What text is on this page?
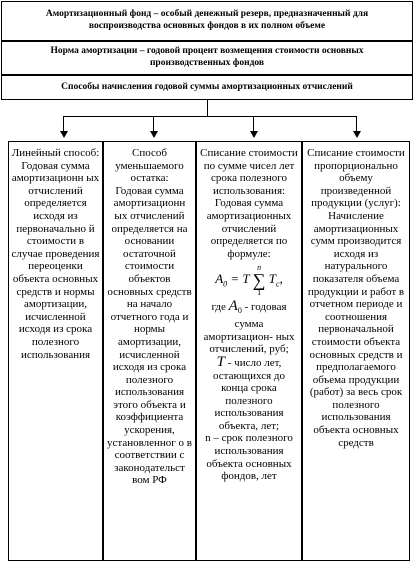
Амортизационный фонд – особый денежный резерв, предназначенный для
воспроизводства основных фондов в их полном объеме
Норма амортизации – годовой процент возмещения стоимости основных
производственных фондов
Способы начисления годовой суммы амортизационных отчислений

Линейный способ:

Годовая сумма амортизационн ых отчислений определяется исходя из первоначально й стоимости в случае проведения переоценки объекта основных средств и нормы амортизации, исчисленной исходя из срока полезного использования

Способ уменьшаемого остатка:

Годовая сумма амортизационн ых отчислений определяется на основании остаточной стоимости объектов основных средств на начало отчетного года и нормы амортизации, исчисленной исходя из срока полезного использования этого объекта и коэффициента ускорения, установленног о в соответствии с законодательст вом РФ

Списание стоимости по сумме чисел лет срока полезного использования:

Годовая сумма амортизационных отчислений определяется по формуле:

$A_0 = T$
n
∑
1
$T_c$,

где $A_0$ - годовая сумма амортизацион- ных отчислений, руб;

T - число лет, остающихся до конца срока полезного использования объекта, лет;

n – срок полезного использования объекта основных фондов, лет

Списание стоимости пропорционально объему произведенной продукции (услуг):

Начисление амортизационных сумм производится исходя из натурального показателя объема продукции и работ в отчетном периоде и соотношения первоначальной стоимости объекта основных средств и предполагаемого объема продукции (работ) за весь срок полезного использования объекта основных средств
